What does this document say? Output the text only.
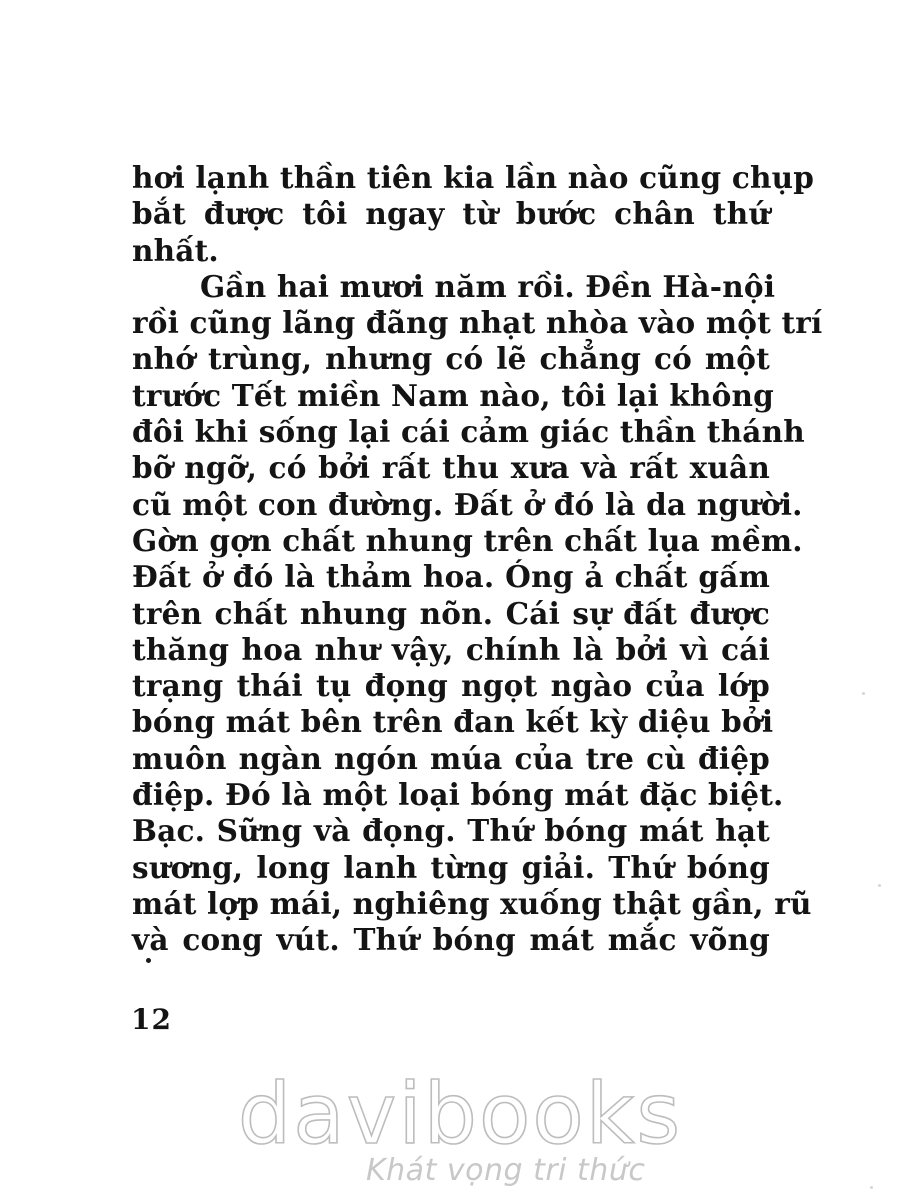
hơi lạnh thần tiên kia lần nào cũng chụp
bắt được tôi ngay từ bước chân thứ
nhất.
Gần hai mươi năm rồi. Đền Hà-nội
rồi cũng lãng đãng nhạt nhòa vào một trí
nhớ trùng, nhưng có lẽ chẳng có một
trước Tết miền Nam nào, tôi lại không
đôi khi sống lại cái cảm giác thần thánh
bỡ ngỡ, có bởi rất thu xưa và rất xuân
cũ một con đường. Đất ở đó là da người.
Gờn gợn chất nhung trên chất lụa mềm.
Đất ở đó là thảm hoa. Óng ả chất gấm
trên chất nhung nõn. Cái sự đất được
thăng hoa như vậy, chính là bởi vì cái
trạng thái tụ đọng ngọt ngào của lớp
bóng mát bên trên đan kết kỳ diệu bởi
muôn ngàn ngón múa của tre cù điệp
điệp. Đó là một loại bóng mát đặc biệt.
Bạc. Sững và đọng. Thứ bóng mát hạt
sương, long lanh từng giải. Thứ bóng
mát lợp mái, nghiêng xuống thật gần, rũ
và cong vút. Thứ bóng mát mắc võng
12
davibooks
Khát vọng tri thức
